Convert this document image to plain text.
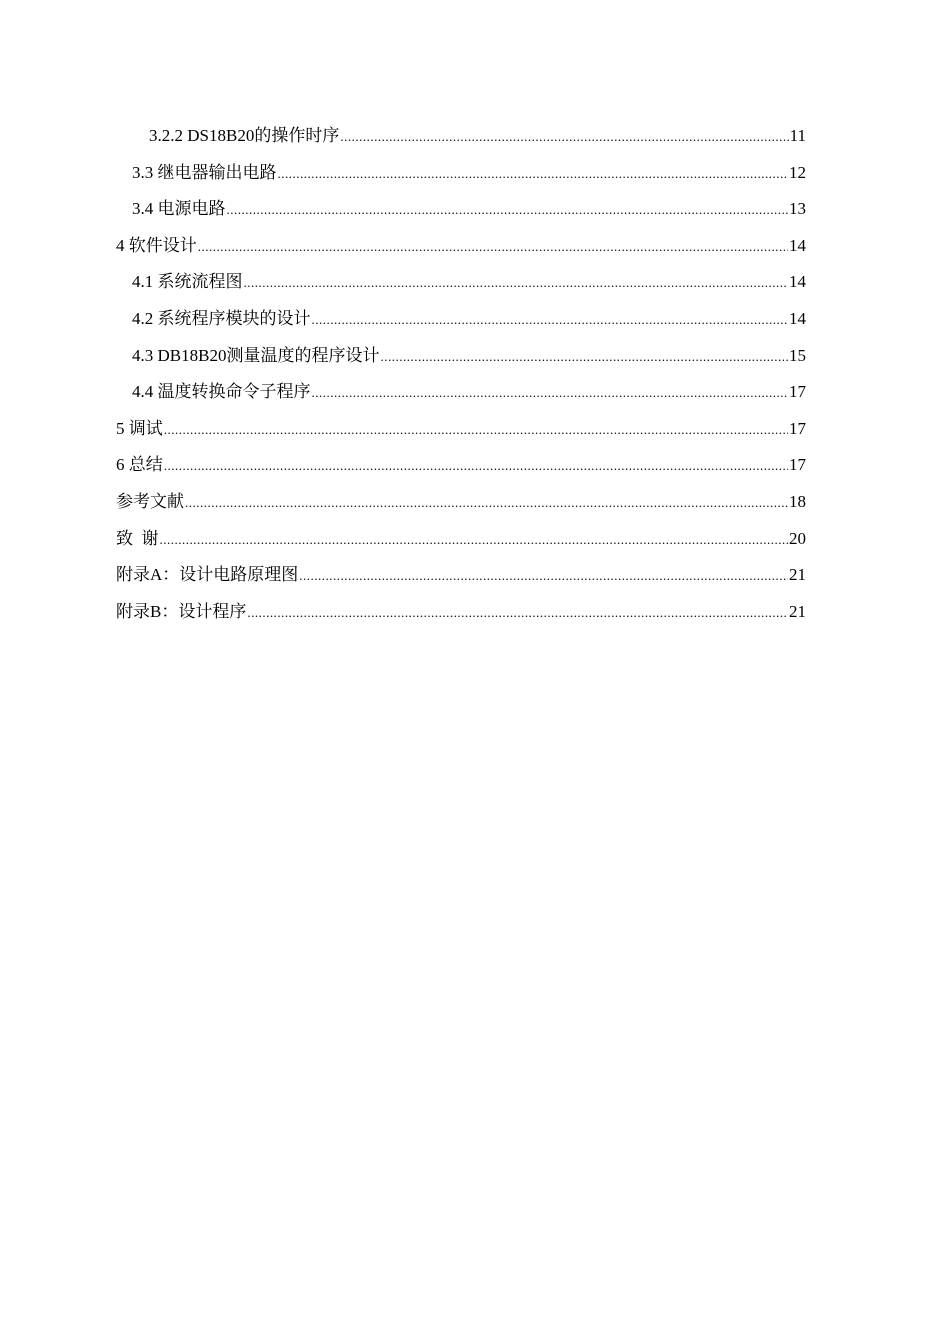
3.2.2 DS18B20的操作时序 .....	11
3.3 继电器输出电路 .....	12
3.4 电源电路 .....	13
4 软件设计 .....	14
4.1 系统流程图 .....	14
4.2 系统程序模块的设计 .....	14
4.3 DB18B20测量温度的程序设计 .....	15
4.4 温度转换命令子程序 .....	17
5 调试 .....	17
6 总结 .....	17
参考文献 .....	18
致  谢 .....	20
附录A：设计电路原理图 .....	21
附录B：设计程序 .....	21
